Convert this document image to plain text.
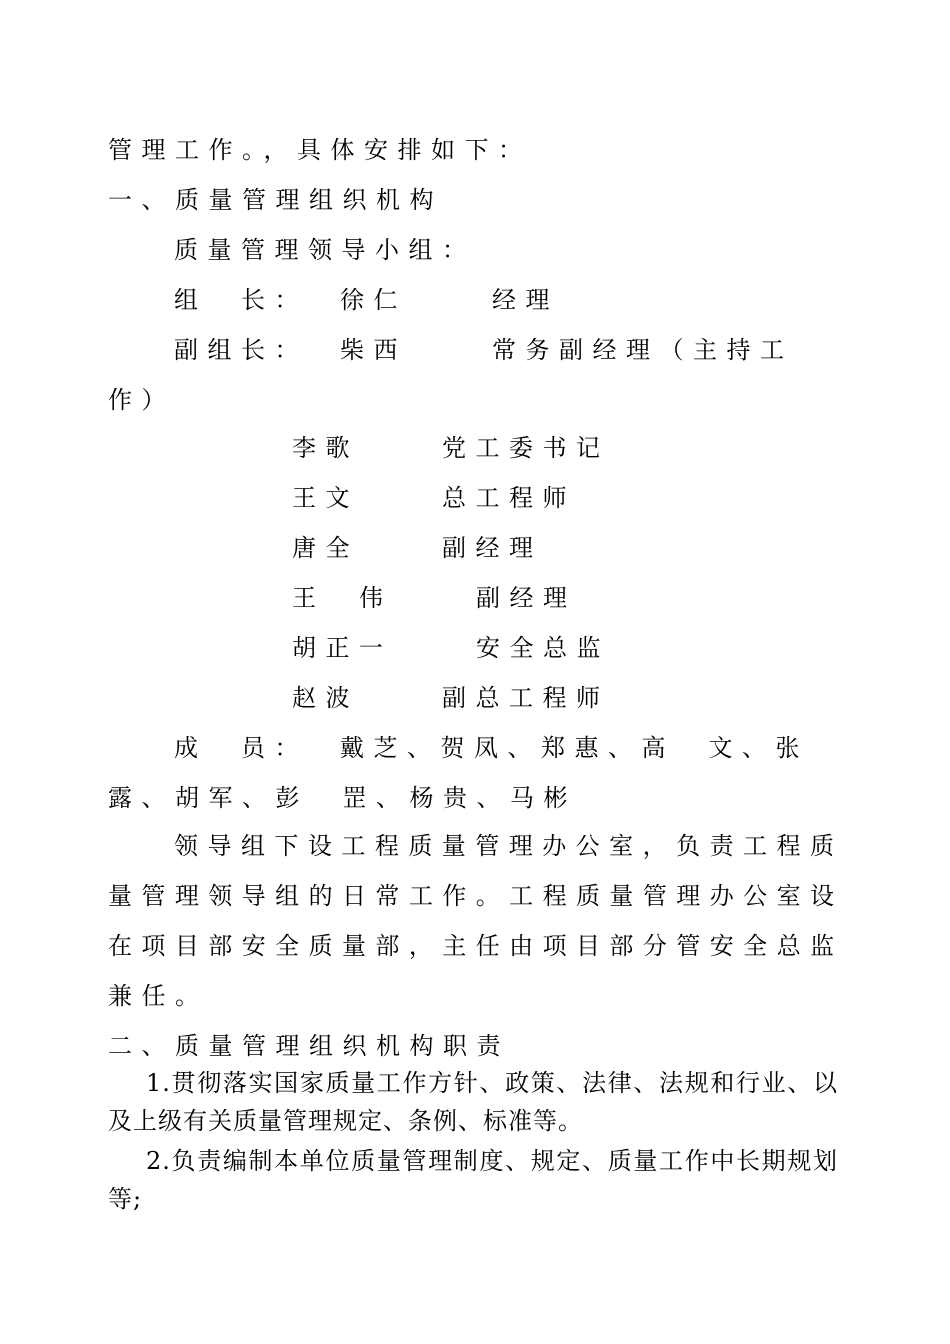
管理工作。，具体安排如下：
一、质量管理组织机构
质量管理领导小组：
组　长： 徐仁	经理
副组长： 柴西	常务副经理（主持工
作）
李歌	党工委书记
王文	总工程师
唐全	副经理
王　伟	副经理
胡正一	安全总监
赵波	副总工程师
成　员： 戴芝、贺凤、郑惠、高　文、张
露、胡军、彭　罡、杨贵、马彬
领导组下设工程质量管理办公室，负责工程质
量管理领导组的日常工作。工程质量管理办公室设
在项目部安全质量部，主任由项目部分管安全总监
兼任。
二、质量管理组织机构职责
1.贯彻落实国家质量工作方针、政策、法律、法规和行业、以
及上级有关质量管理规定、条例、标准等。
2.负责编制本单位质量管理制度、规定、质量工作中长期规划
等;
